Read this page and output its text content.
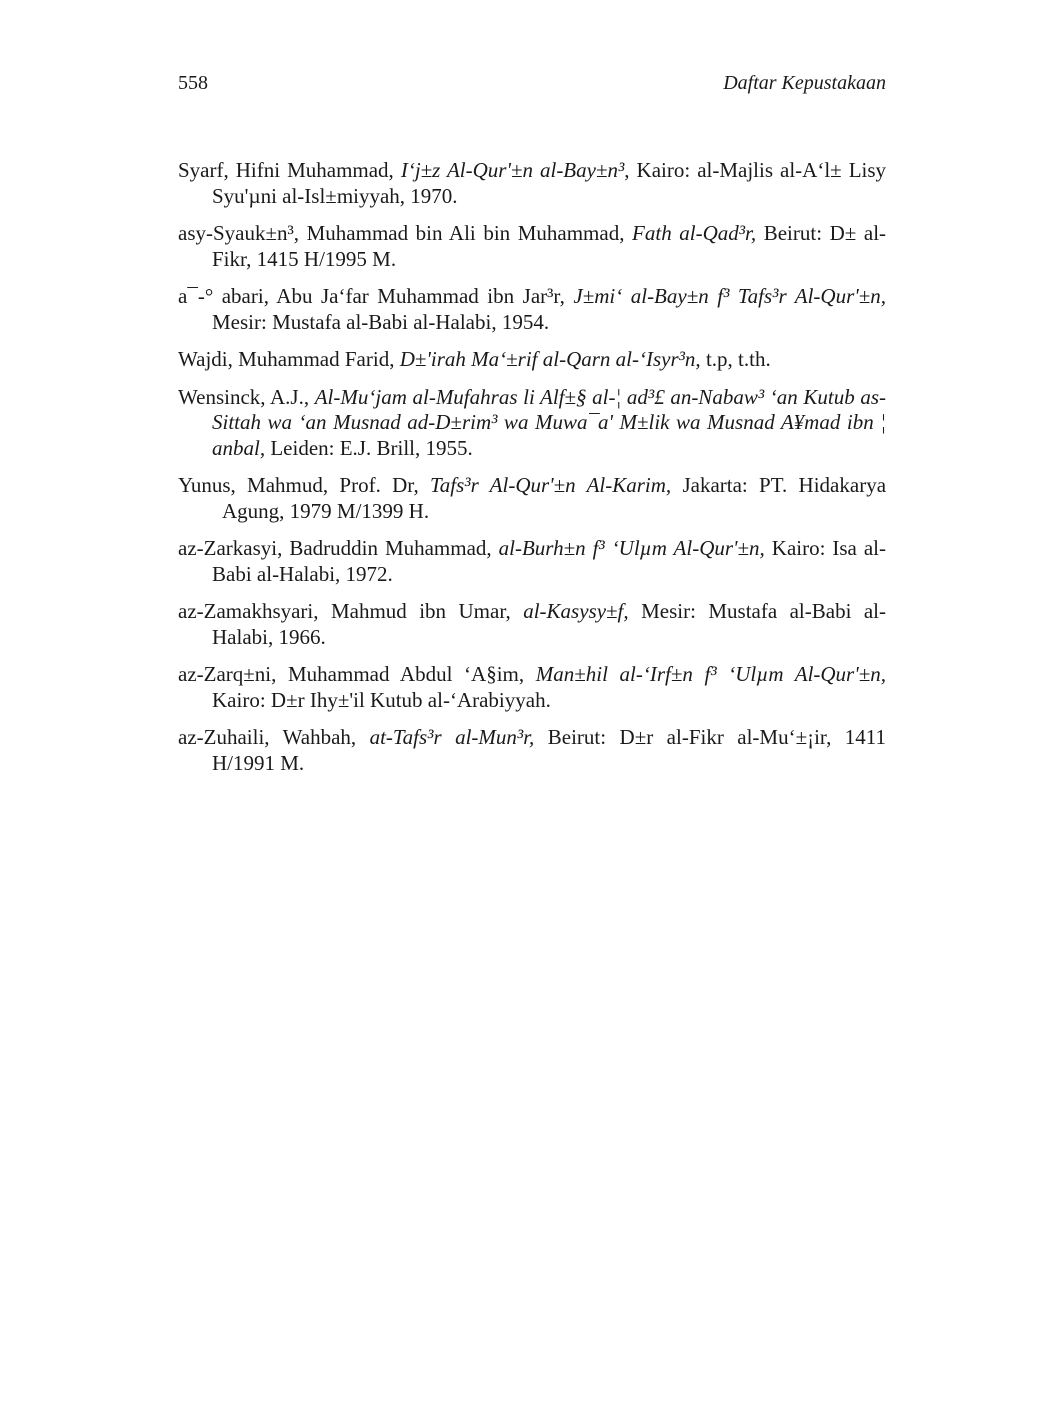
558	Daftar Kepustakaan

Syarf, Hifni Muhammad, I‘j±z Al-Qur'±n al-Bay±n³, Kairo: al-Majlis al-A‘l± Lisy Syu'µni al-Isl±miyyah, 1970.

asy-Syauk±n³, Muhammad bin Ali bin Muhammad, Fath al-Qad³r, Beirut: D± al-Fikr, 1415 H/1995 M.

a¯-° abari, Abu Ja‘far Muhammad ibn Jar³r, J±mi‘ al-Bay±n f³ Tafs³r Al-Qur'±n, Mesir: Mustafa al-Babi al-Halabi, 1954.

Wajdi, Muhammad Farid, D±'irah Ma‘±rif al-Qarn al-‘Isyr³n, t.p, t.th.

Wensinck, A.J., Al-Mu‘jam al-Mufahras li Alf±§ al-¦ ad³£ an-Nabaw³ ‘an Kutub as-Sittah wa ‘an Musnad ad-D±rim³ wa Muwa¯a' M±lik wa Musnad A¥mad ibn ¦ anbal, Leiden: E.J. Brill, 1955.

Yunus, Mahmud, Prof. Dr, Tafs³r Al-Qur'±n Al-Karim, Jakarta: PT. Hidakarya Agung, 1979 M/1399 H.

az-Zarkasyi, Badruddin Muhammad, al-Burh±n f³ ‘Ulµm Al-Qur'±n, Kairo: Isa al-Babi al-Halabi, 1972.

az-Zamakhsyari, Mahmud ibn Umar, al-Kasysy±f, Mesir: Mustafa al-Babi al-Halabi, 1966.

az-Zarq±ni, Muhammad Abdul ‘A§im, Man±hil al-‘Irf±n f³ ‘Ulµm Al-Qur'±n, Kairo: D±r Ihy±'il Kutub al-‘Arabiyyah.

az-Zuhaili, Wahbah, at-Tafs³r al-Mun³r, Beirut: D±r al-Fikr al-Mu‘±¡ir, 1411 H/1991 M.
